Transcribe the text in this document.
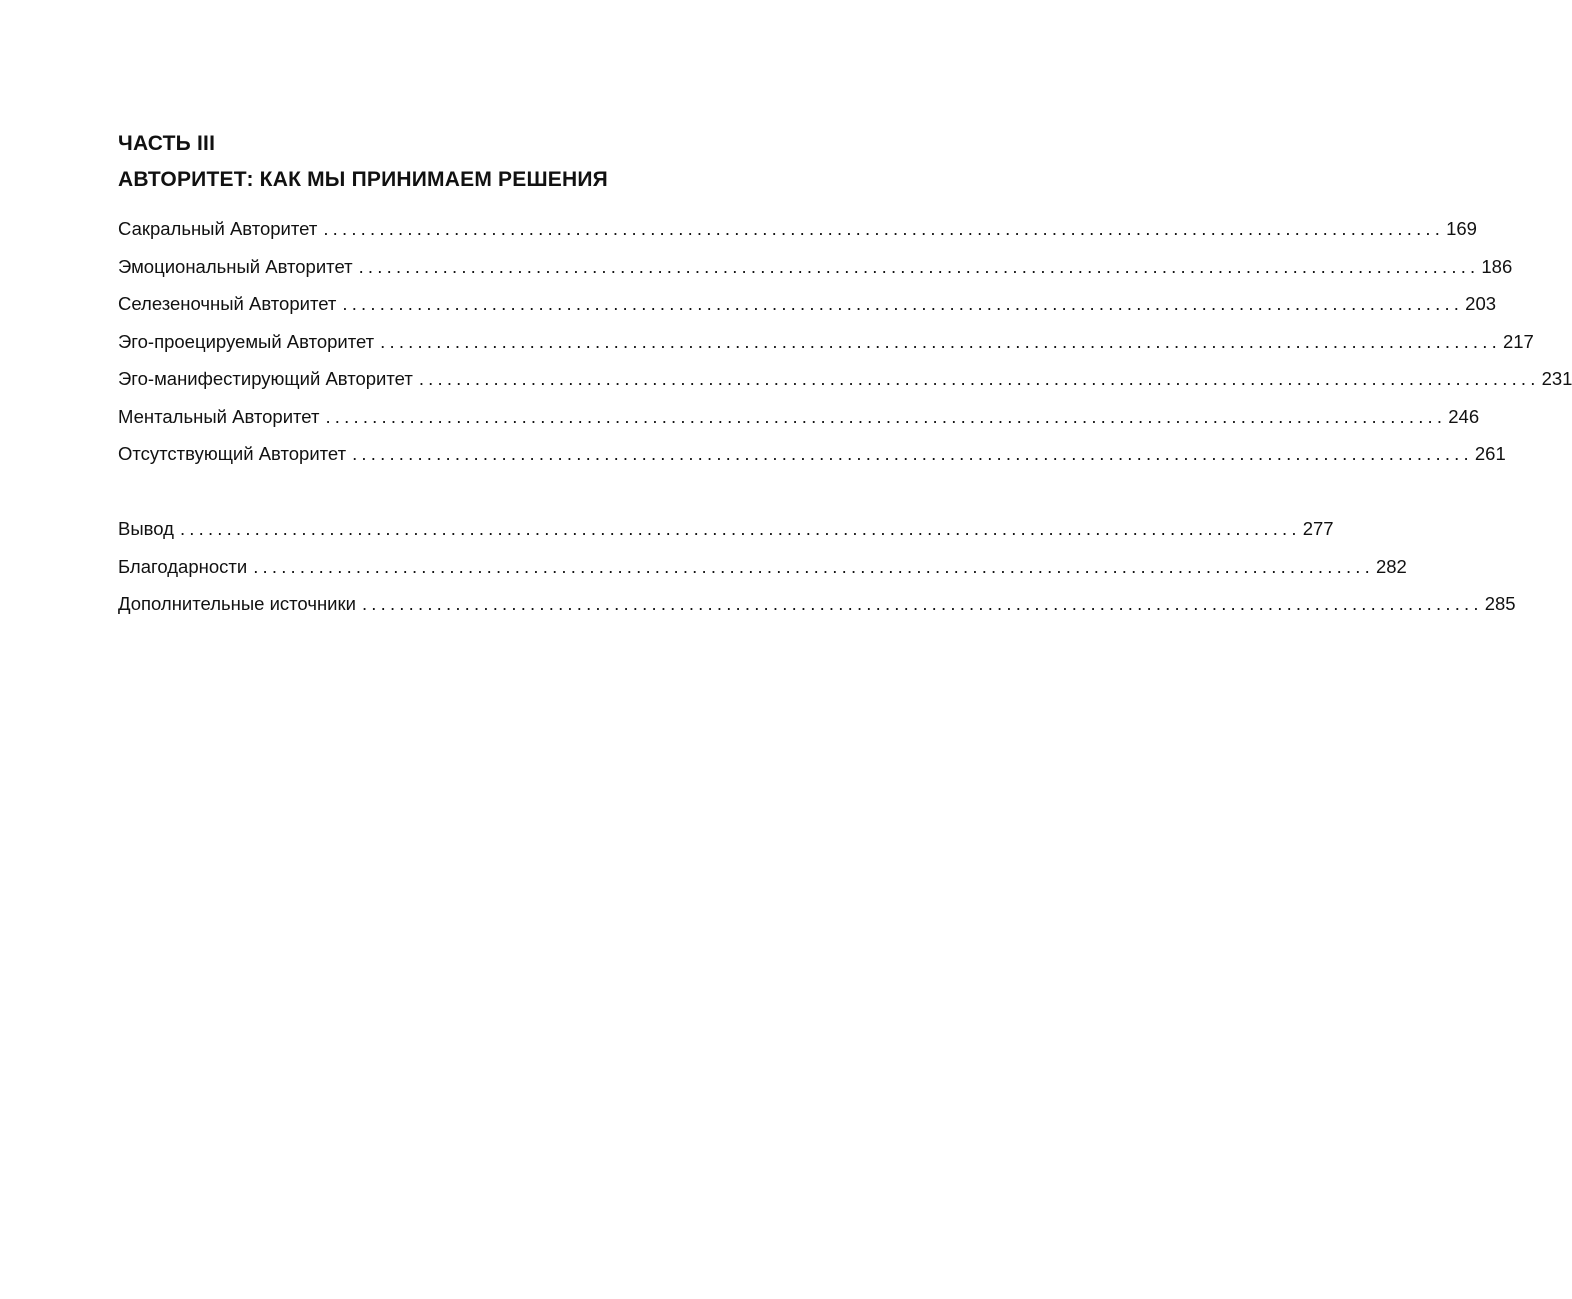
ЧАСТЬ III
АВТОРИТЕТ: КАК МЫ ПРИНИМАЕМ РЕШЕНИЯ
Сакральный Авторитет ........................................................................................................................ 169
Эмоциональный Авторитет ........................................................................................................................ 186
Селезеночный Авторитет ........................................................................................................................ 203
Эго-проецируемый Авторитет ........................................................................................................................ 217
Эго-манифестирующий Авторитет ........................................................................................................................ 231
Ментальный Авторитет ........................................................................................................................ 246
Отсутствующий Авторитет ........................................................................................................................ 261
Вывод ........................................................................................................................ 277
Благодарности ........................................................................................................................ 282
Дополнительные источники ........................................................................................................................ 285
